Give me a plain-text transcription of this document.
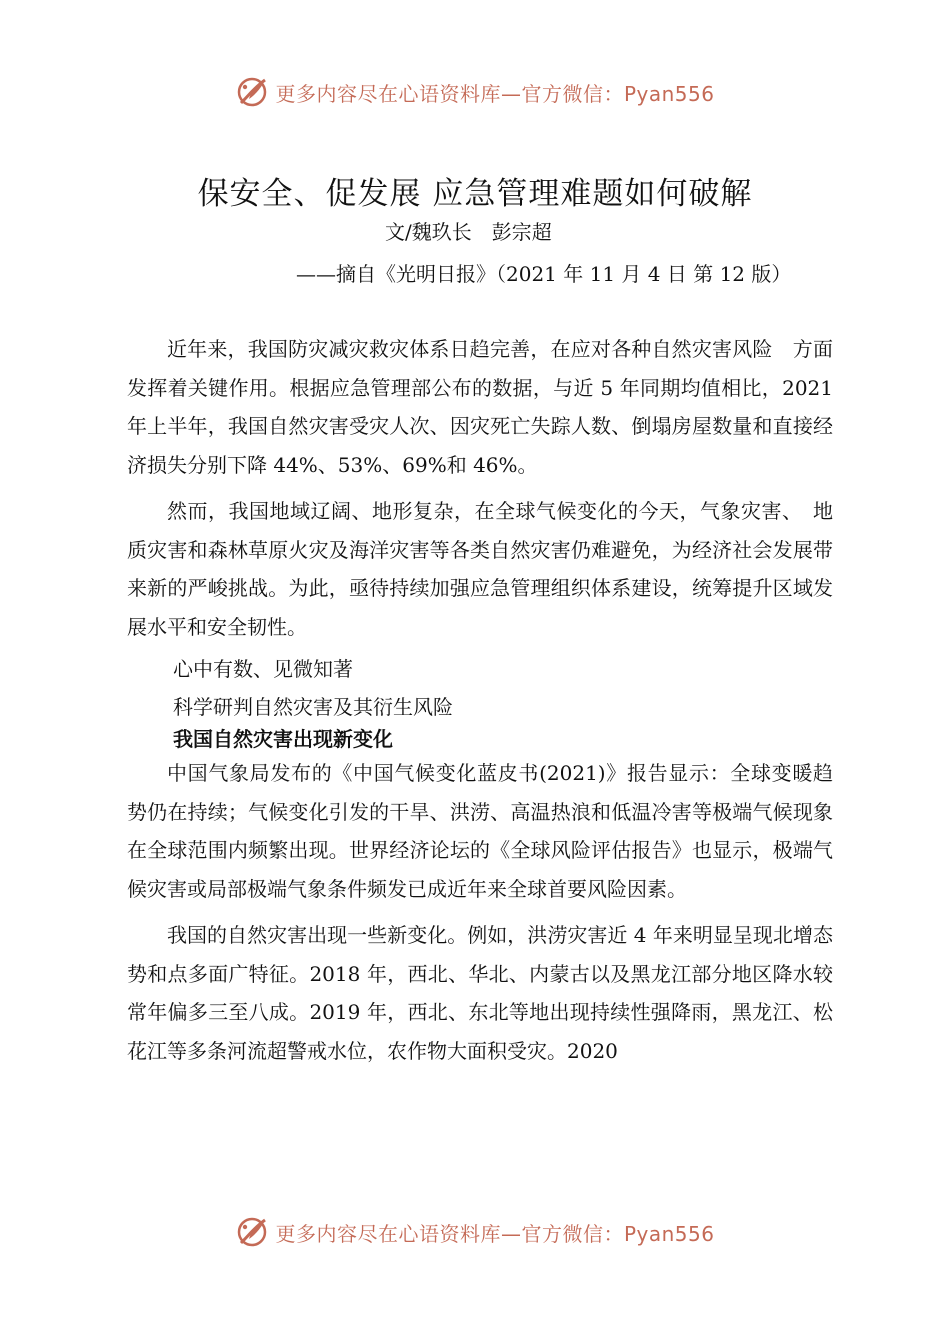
更多内容尽在心语资料库—官方微信：Pyan556
保安全、促发展 应急管理难题如何破解
文/魏玖长　彭宗超
——摘自《光明日报》（2021 年 11 月 4 日 第 12 版）

近年来，我国防灾减灾救灾体系日趋完善，在应对各种自然灾害风险　方面发挥着关键作用。根据应急管理部公布的数据，与近 5 年同期均值相比，2021 年上半年，我国自然灾害受灾人次、因灾死亡失踪人数、倒塌房屋数量和直接经济损失分别下降 44%、53%、69%和 46%。

然而，我国地域辽阔、地形复杂，在全球气候变化的今天，气象灾害、　地质灾害和森林草原火灾及海洋灾害等各类自然灾害仍难避免，为经济社会发展带来新的严峻挑战。为此，亟待持续加强应急管理组织体系建设，统筹提升区域发展水平和安全韧性。

心中有数、见微知著
科学研判自然灾害及其衍生风险
我国自然灾害出现新变化

中国气象局发布的《中国气候变化蓝皮书(2021)》报告显示：全球变暖趋势仍在持续；气候变化引发的干旱、洪涝、高温热浪和低温冷害等极端气候现象在全球范围内频繁出现。世界经济论坛的《全球风险评估报告》也显示，极端气候灾害或局部极端气象条件频发已成近年来全球首要风险因素。

我国的自然灾害出现一些新变化。例如，洪涝灾害近 4 年来明显呈现北增态势和点多面广特征。2018 年，西北、华北、内蒙古以及黑龙江部分地区降水较常年偏多三至八成。2019 年，西北、东北等地出现持续性强降雨，黑龙江、松花江等多条河流超警戒水位，农作物大面积受灾。2020

更多内容尽在心语资料库—官方微信：Pyan556
